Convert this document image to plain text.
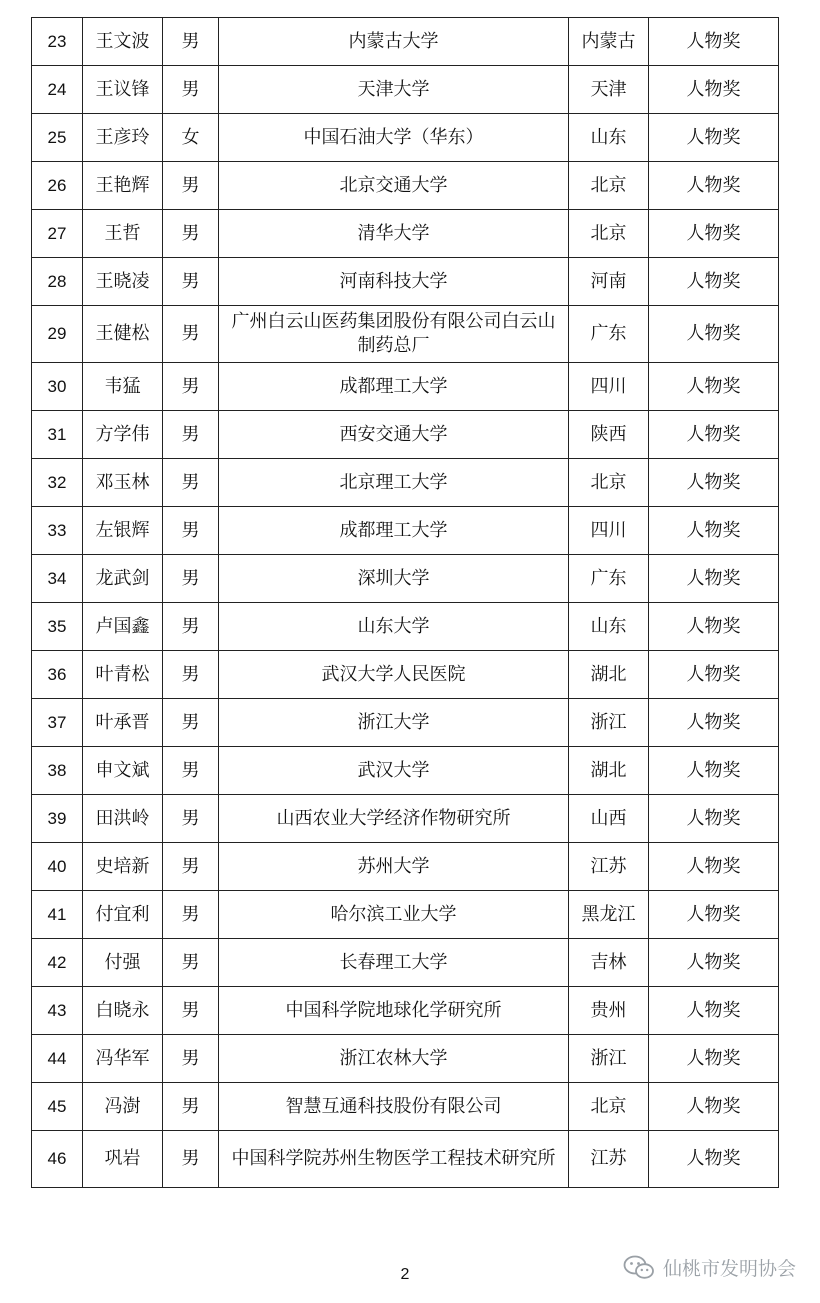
23	王文波	男	内蒙古大学	内蒙古	人物奖
24	王议锋	男	天津大学	天津	人物奖
25	王彦玲	女	中国石油大学（华东）	山东	人物奖
26	王艳辉	男	北京交通大学	北京	人物奖
27	王哲	男	清华大学	北京	人物奖
28	王晓凌	男	河南科技大学	河南	人物奖
29	王健松	男	广州白云山医药集团股份有限公司白云山制药总厂	广东	人物奖
30	韦猛	男	成都理工大学	四川	人物奖
31	方学伟	男	西安交通大学	陕西	人物奖
32	邓玉林	男	北京理工大学	北京	人物奖
33	左银辉	男	成都理工大学	四川	人物奖
34	龙武剑	男	深圳大学	广东	人物奖
35	卢国鑫	男	山东大学	山东	人物奖
36	叶青松	男	武汉大学人民医院	湖北	人物奖
37	叶承晋	男	浙江大学	浙江	人物奖
38	申文斌	男	武汉大学	湖北	人物奖
39	田洪岭	男	山西农业大学经济作物研究所	山西	人物奖
40	史培新	男	苏州大学	江苏	人物奖
41	付宜利	男	哈尔滨工业大学	黑龙江	人物奖
42	付强	男	长春理工大学	吉林	人物奖
43	白晓永	男	中国科学院地球化学研究所	贵州	人物奖
44	冯华军	男	浙江农林大学	浙江	人物奖
45	冯澍	男	智慧互通科技股份有限公司	北京	人物奖
46	巩岩	男	中国科学院苏州生物医学工程技术研究所	江苏	人物奖
2	仙桃市发明协会
